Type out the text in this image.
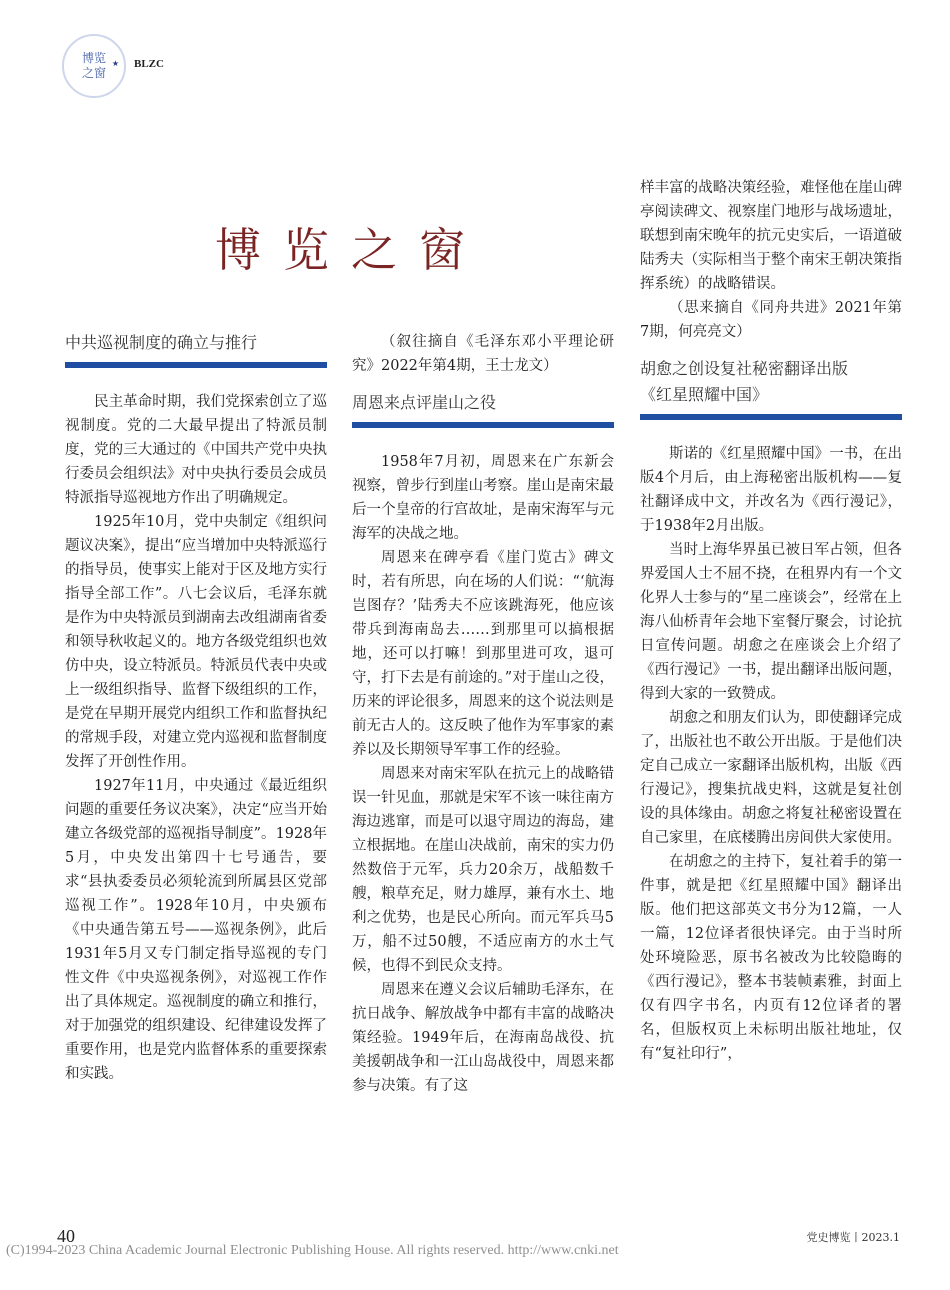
博览
之窗
★ BLZC
博览之窗
中共巡视制度的确立与推行

民主革命时期，我们党探索创立了巡视制度。党的二大最早提出了特派员制度，党的三大通过的《中国共产党中央执行委员会组织法》对中央执行委员会成员特派指导巡视地方作出了明确规定。

1925年10月，党中央制定《组织问题议决案》，提出“应当增加中央特派巡行的指导员，使事实上能对于区及地方实行指导全部工作”。八七会议后，毛泽东就是作为中央特派员到湖南去改组湖南省委和领导秋收起义的。地方各级党组织也效仿中央，设立特派员。特派员代表中央或上一级组织指导、监督下级组织的工作，是党在早期开展党内组织工作和监督执纪的常规手段，对建立党内巡视和监督制度发挥了开创性作用。

1927年11月，中央通过《最近组织问题的重要任务议决案》，决定“应当开始建立各级党部的巡视指导制度”。1928年5月，中央发出第四十七号通告，要求“县执委委员必须轮流到所属县区党部巡视工作”。1928年10月，中央颁布《中央通告第五号——巡视条例》，此后1931年5月又专门制定指导巡视的专门性文件《中央巡视条例》，对巡视工作作出了具体规定。巡视制度的确立和推行，对于加强党的组织建设、纪律建设发挥了重要作用，也是党内监督体系的重要探索和实践。

（叙往摘自《毛泽东邓小平理论研究》2022年第4期，王士龙文）

周恩来点评崖山之役

1958年7月初，周恩来在广东新会视察，曾步行到崖山考察。崖山是南宋最后一个皇帝的行宫故址，是南宋海军与元海军的决战之地。

周恩来在碑亭看《崖门览古》碑文时，若有所思，向在场的人们说：“‘航海岂图存？’陆秀夫不应该跳海死，他应该带兵到海南岛去……到那里可以搞根据地，还可以打嘛！到那里进可攻，退可守，打下去是有前途的。”对于崖山之役，历来的评论很多，周恩来的这个说法则是前无古人的。这反映了他作为军事家的素养以及长期领导军事工作的经验。

周恩来对南宋军队在抗元上的战略错误一针见血，那就是宋军不该一味往南方海边逃窜，而是可以退守周边的海岛，建立根据地。在崖山决战前，南宋的实力仍然数倍于元军，兵力20余万，战船数千艘，粮草充足，财力雄厚，兼有水土、地利之优势，也是民心所向。而元军兵马5万，船不过50艘，不适应南方的水土气候，也得不到民众支持。

周恩来在遵义会议后辅助毛泽东，在抗日战争、解放战争中都有丰富的战略决策经验。1949年后，在海南岛战役、抗美援朝战争和一江山岛战役中，周恩来都参与决策。有了这

样丰富的战略决策经验，难怪他在崖山碑亭阅读碑文、视察崖门地形与战场遗址，联想到南宋晚年的抗元史实后，一语道破陆秀夫（实际相当于整个南宋王朝决策指挥系统）的战略错误。

（思来摘自《同舟共进》2021年第7期，何亮亮文）

胡愈之创设复社秘密翻译出版
《红星照耀中国》

斯诺的《红星照耀中国》一书，在出版4个月后，由上海秘密出版机构——复社翻译成中文，并改名为《西行漫记》，于1938年2月出版。

当时上海华界虽已被日军占领，但各界爱国人士不屈不挠，在租界内有一个文化界人士参与的“星二座谈会”，经常在上海八仙桥青年会地下室餐厅聚会，讨论抗日宣传问题。胡愈之在座谈会上介绍了《西行漫记》一书，提出翻译出版问题，得到大家的一致赞成。

胡愈之和朋友们认为，即使翻译完成了，出版社也不敢公开出版。于是他们决定自己成立一家翻译出版机构，出版《西行漫记》，搜集抗战史料，这就是复社创设的具体缘由。胡愈之将复社秘密设置在自己家里，在底楼腾出房间供大家使用。

在胡愈之的主持下，复社着手的第一件事，就是把《红星照耀中国》翻译出版。他们把这部英文书分为12篇，一人一篇，12位译者很快译完。由于当时所处环境险恶，原书名被改为比较隐晦的《西行漫记》，整本书装帧素雅，封面上仅有四字书名，内页有12位译者的署名，但版权页上未标明出版社地址，仅有“复社印行”，

40	党史博览丨2023.1
(C)1994-2023 China Academic Journal Electronic Publishing House. All rights reserved. http://www.cnki.net
